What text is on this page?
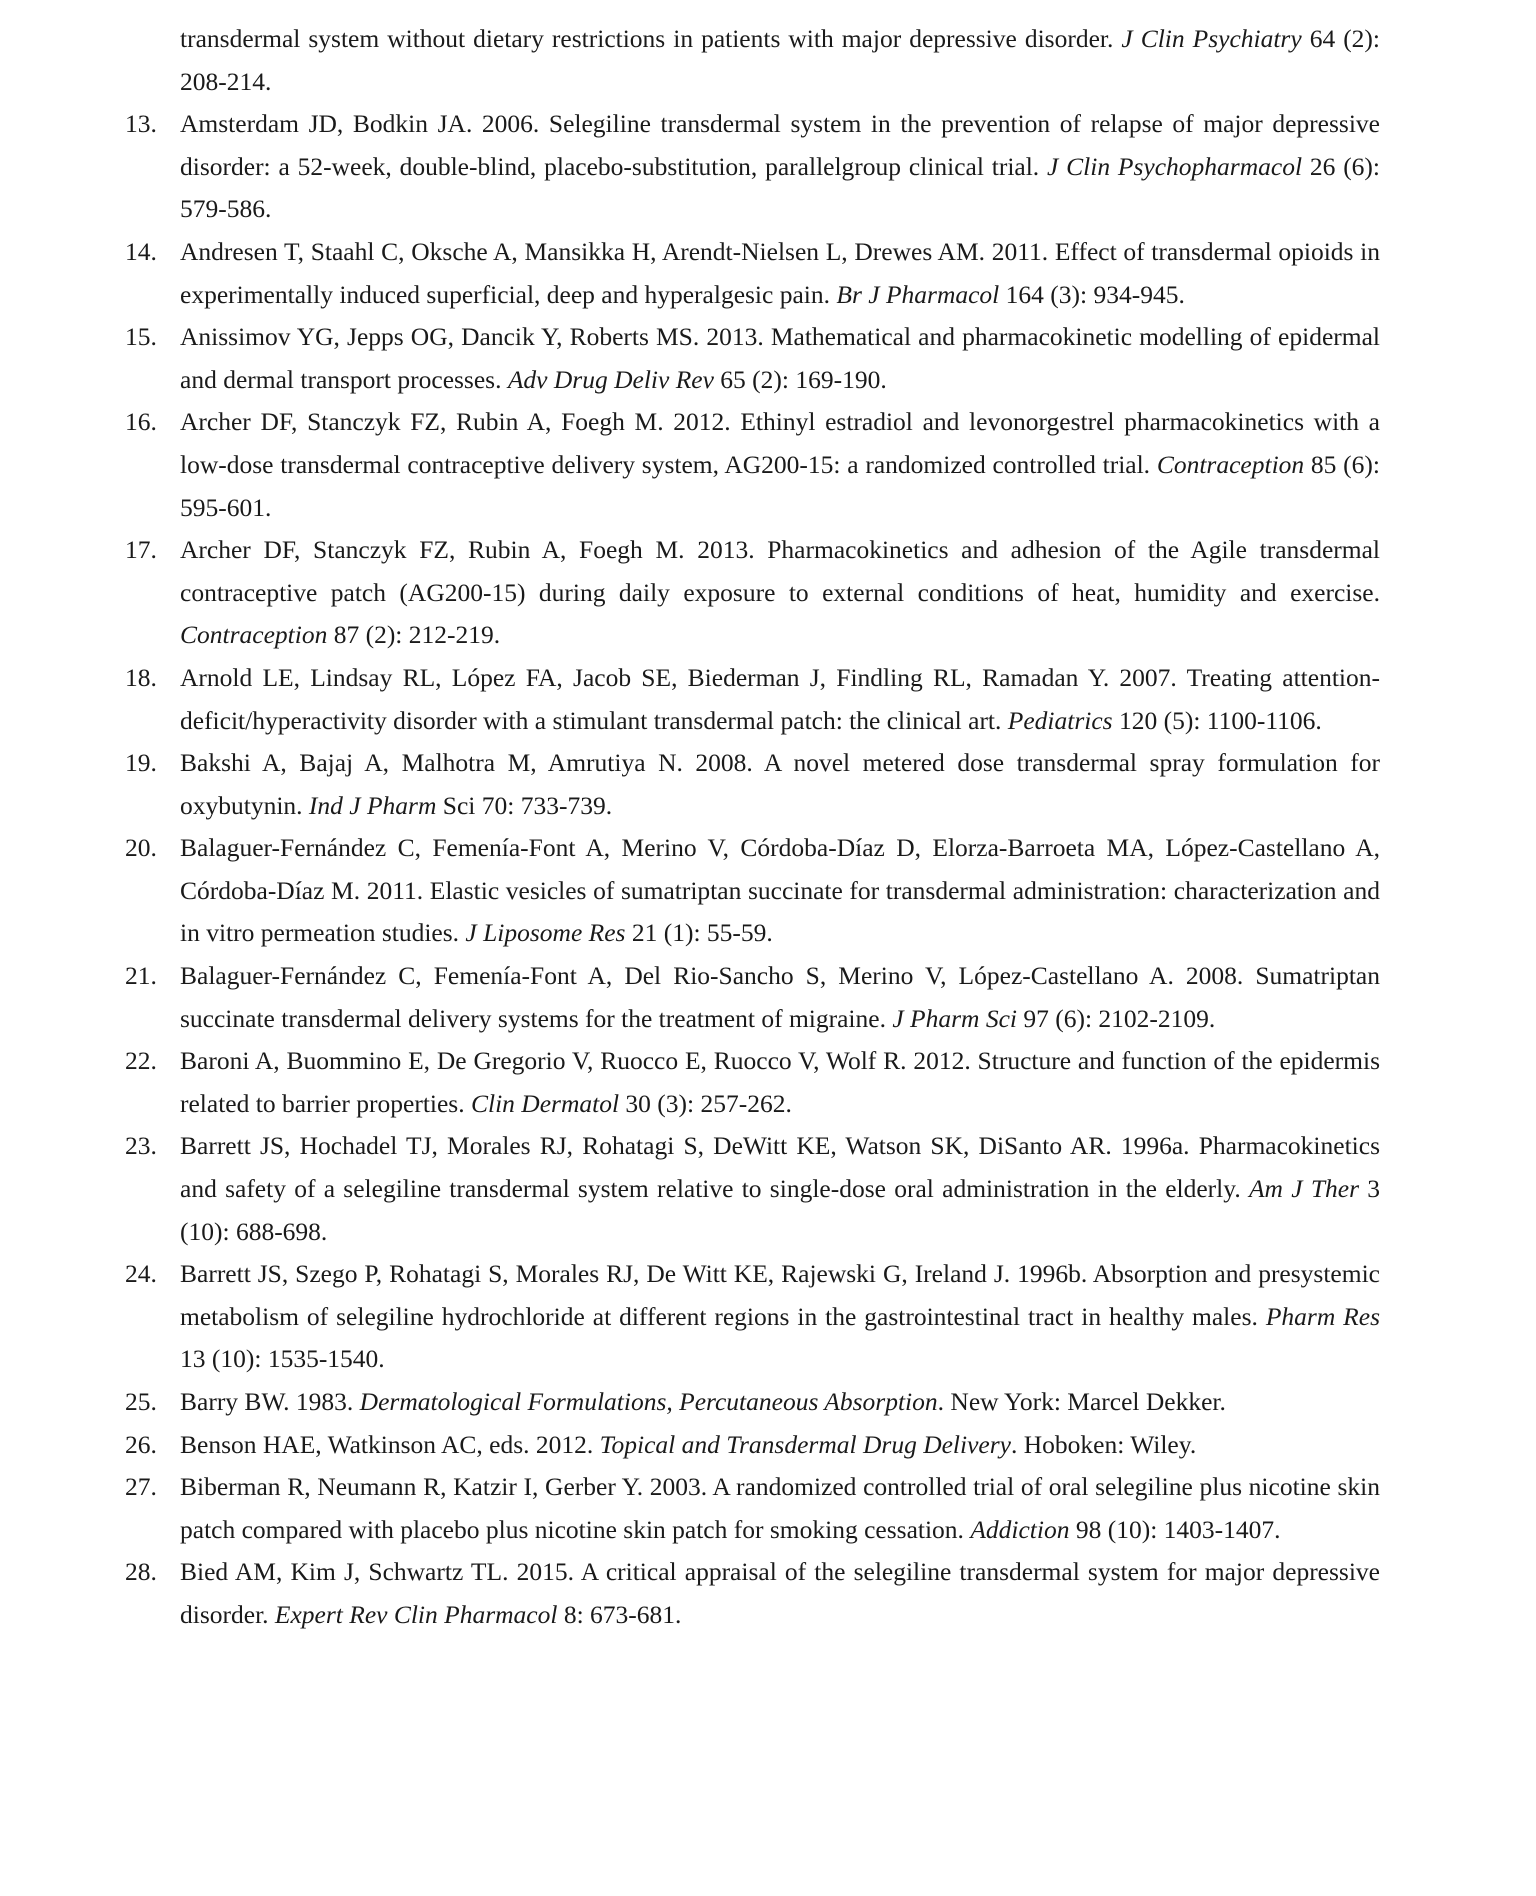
transdermal system without dietary restrictions in patients with major depressive disorder. J Clin Psychiatry 64 (2): 208-214.
13. Amsterdam JD, Bodkin JA. 2006. Selegiline transdermal system in the prevention of relapse of major depressive disorder: a 52-week, double-blind, placebo-substitution, parallelgroup clinical trial. J Clin Psychopharmacol 26 (6): 579-586.
14. Andresen T, Staahl C, Oksche A, Mansikka H, Arendt-Nielsen L, Drewes AM. 2011. Effect of transdermal opioids in experimentally induced superficial, deep and hyperalgesic pain. Br J Pharmacol 164 (3): 934-945.
15. Anissimov YG, Jepps OG, Dancik Y, Roberts MS. 2013. Mathematical and pharmacokinetic modelling of epidermal and dermal transport processes. Adv Drug Deliv Rev 65 (2): 169-190.
16. Archer DF, Stanczyk FZ, Rubin A, Foegh M. 2012. Ethinyl estradiol and levonorgestrel pharmacokinetics with a low-dose transdermal contraceptive delivery system, AG200-15: a randomized controlled trial. Contraception 85 (6): 595-601.
17. Archer DF, Stanczyk FZ, Rubin A, Foegh M. 2013. Pharmacokinetics and adhesion of the Agile transdermal contraceptive patch (AG200-15) during daily exposure to external conditions of heat, humidity and exercise. Contraception 87 (2): 212-219.
18. Arnold LE, Lindsay RL, López FA, Jacob SE, Biederman J, Findling RL, Ramadan Y. 2007. Treating attention-deficit/hyperactivity disorder with a stimulant transdermal patch: the clinical art. Pediatrics 120 (5): 1100-1106.
19. Bakshi A, Bajaj A, Malhotra M, Amrutiya N. 2008. A novel metered dose transdermal spray formulation for oxybutynin. Ind J Pharm Sci 70: 733-739.
20. Balaguer-Fernández C, Femenía-Font A, Merino V, Córdoba-Díaz D, Elorza-Barroeta MA, López-Castellano A, Córdoba-Díaz M. 2011. Elastic vesicles of sumatriptan succinate for transdermal administration: characterization and in vitro permeation studies. J Liposome Res 21 (1): 55-59.
21. Balaguer-Fernández C, Femenía-Font A, Del Rio-Sancho S, Merino V, López-Castellano A. 2008. Sumatriptan succinate transdermal delivery systems for the treatment of migraine. J Pharm Sci 97 (6): 2102-2109.
22. Baroni A, Buommino E, De Gregorio V, Ruocco E, Ruocco V, Wolf R. 2012. Structure and function of the epidermis related to barrier properties. Clin Dermatol 30 (3): 257-262.
23. Barrett JS, Hochadel TJ, Morales RJ, Rohatagi S, DeWitt KE, Watson SK, DiSanto AR. 1996a. Pharmacokinetics and safety of a selegiline transdermal system relative to single-dose oral administration in the elderly. Am J Ther 3 (10): 688-698.
24. Barrett JS, Szego P, Rohatagi S, Morales RJ, De Witt KE, Rajewski G, Ireland J. 1996b. Absorption and presystemic metabolism of selegiline hydrochloride at different regions in the gastrointestinal tract in healthy males. Pharm Res 13 (10): 1535-1540.
25. Barry BW. 1983. Dermatological Formulations, Percutaneous Absorption. New York: Marcel Dekker.
26. Benson HAE, Watkinson AC, eds. 2012. Topical and Transdermal Drug Delivery. Hoboken: Wiley.
27. Biberman R, Neumann R, Katzir I, Gerber Y. 2003. A randomized controlled trial of oral selegiline plus nicotine skin patch compared with placebo plus nicotine skin patch for smoking cessation. Addiction 98 (10): 1403-1407.
28. Bied AM, Kim J, Schwartz TL. 2015. A critical appraisal of the selegiline transdermal system for major depressive disorder. Expert Rev Clin Pharmacol 8: 673-681.
